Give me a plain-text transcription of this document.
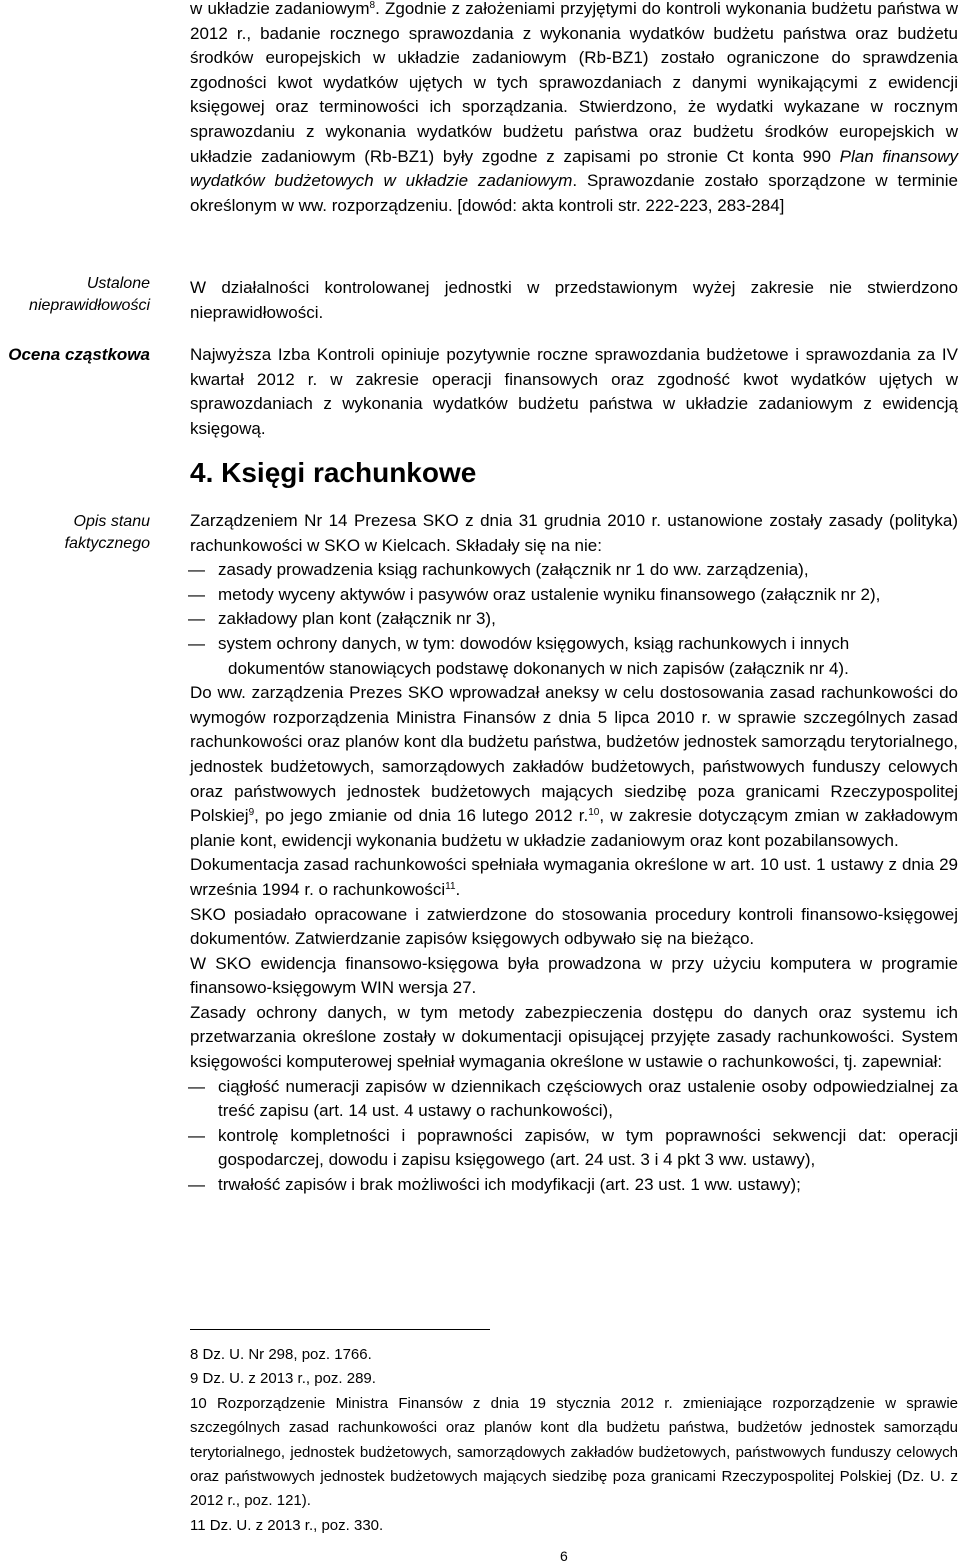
Ustalone nieprawidłowości
Ocena cząstkowa
Opis stanu faktycznego

w układzie zadaniowym$^8$. Zgodnie z założeniami przyjętymi do kontroli wykonania budżetu państwa w 2012 r., badanie rocznego sprawozdania z wykonania wydatków budżetu państwa oraz budżetu środków europejskich w układzie zadaniowym (Rb-BZ1) zostało ograniczone do sprawdzenia zgodności kwot wydatków ujętych w tych sprawozdaniach z danymi wynikającymi z ewidencji księgowej oraz terminowości ich sporządzania. Stwierdzono, że wydatki wykazane w rocznym sprawozdaniu z wykonania wydatków budżetu państwa oraz budżetu środków europejskich w układzie zadaniowym (Rb-BZ1) były zgodne z zapisami po stronie Ct konta 990 Plan finansowy wydatków budżetowych w układzie zadaniowym. Sprawozdanie zostało sporządzone w terminie określonym w ww. rozporządzeniu. [dowód: akta kontroli str. 222-223, 283-284]

W działalności kontrolowanej jednostki w przedstawionym wyżej zakresie nie stwierdzono nieprawidłowości.

Najwyższa Izba Kontroli opiniuje pozytywnie roczne sprawozdania budżetowe i sprawozdania za IV kwartał 2012 r. w zakresie operacji finansowych oraz zgodność kwot wydatków ujętych w sprawozdaniach z wykonania wydatków budżetu państwa w układzie zadaniowym z ewidencją księgową.

4. Księgi rachunkowe

Zarządzeniem Nr 14 Prezesa SKO z dnia 31 grudnia 2010 r. ustanowione zostały zasady (polityka) rachunkowości w SKO w Kielcach. Składały się na nie:

— zasady prowadzenia ksiąg rachunkowych (załącznik nr 1 do ww. zarządzenia),
— metody wyceny aktywów i pasywów oraz ustalenie wyniku finansowego (załącznik nr 2),
— zakładowy plan kont (załącznik nr 3),
— system ochrony danych, w tym: dowodów księgowych, ksiąg rachunkowych i innych
dokumentów stanowiących podstawę dokonanych w nich zapisów (załącznik nr 4).

Do ww. zarządzenia Prezes SKO wprowadzał aneksy w celu dostosowania zasad rachunkowości do wymogów rozporządzenia Ministra Finansów z dnia 5 lipca 2010 r. w sprawie szczególnych zasad rachunkowości oraz planów kont dla budżetu państwa, budżetów jednostek samorządu terytorialnego, jednostek budżetowych, samorządowych zakładów budżetowych, państwowych funduszy celowych oraz państwowych jednostek budżetowych mających siedzibę poza granicami Rzeczypospolitej Polskiej$^9$, po jego zmianie od dnia 16 lutego 2012 r.$^{10}$, w zakresie dotyczącym zmian w zakładowym planie kont, ewidencji wykonania budżetu w układzie zadaniowym oraz kont pozabilansowych.

Dokumentacja zasad rachunkowości spełniała wymagania określone w art. 10 ust. 1 ustawy z dnia 29 września 1994 r. o rachunkowości$^{11}$.

SKO posiadało opracowane i zatwierdzone do stosowania procedury kontroli finansowo-księgowej dokumentów. Zatwierdzanie zapisów księgowych odbywało się na bieżąco.

W SKO ewidencja finansowo-księgowa była prowadzona w przy użyciu komputera w programie finansowo-księgowym WIN wersja 27.

Zasady ochrony danych, w tym metody zabezpieczenia dostępu do danych oraz systemu ich przetwarzania określone zostały w dokumentacji opisującej przyjęte zasady rachunkowości. System księgowości komputerowej spełniał wymagania określone w ustawie o rachunkowości, tj. zapewniał:

— ciągłość numeracji zapisów w dziennikach częściowych oraz ustalenie osoby odpowiedzialnej za treść zapisu (art. 14 ust. 4 ustawy o rachunkowości),
— kontrolę kompletności i poprawności zapisów, w tym poprawności sekwencji dat: operacji gospodarczej, dowodu i zapisu księgowego (art. 24 ust. 3 i 4 pkt 3 ww. ustawy),
— trwałość zapisów i brak możliwości ich modyfikacji (art. 23 ust. 1 ww. ustawy);

8 Dz. U. Nr 298, poz. 1766.

9 Dz. U. z 2013 r., poz. 289.

10 Rozporządzenie Ministra Finansów z dnia 19 stycznia 2012 r. zmieniające rozporządzenie w sprawie szczególnych zasad rachunkowości oraz planów kont dla budżetu państwa, budżetów jednostek samorządu terytorialnego, jednostek budżetowych, samorządowych zakładów budżetowych, państwowych funduszy celowych oraz państwowych jednostek budżetowych mających siedzibę poza granicami Rzeczypospolitej Polskiej (Dz. U. z 2012 r., poz. 121).

11 Dz. U. z 2013 r., poz. 330.

6
